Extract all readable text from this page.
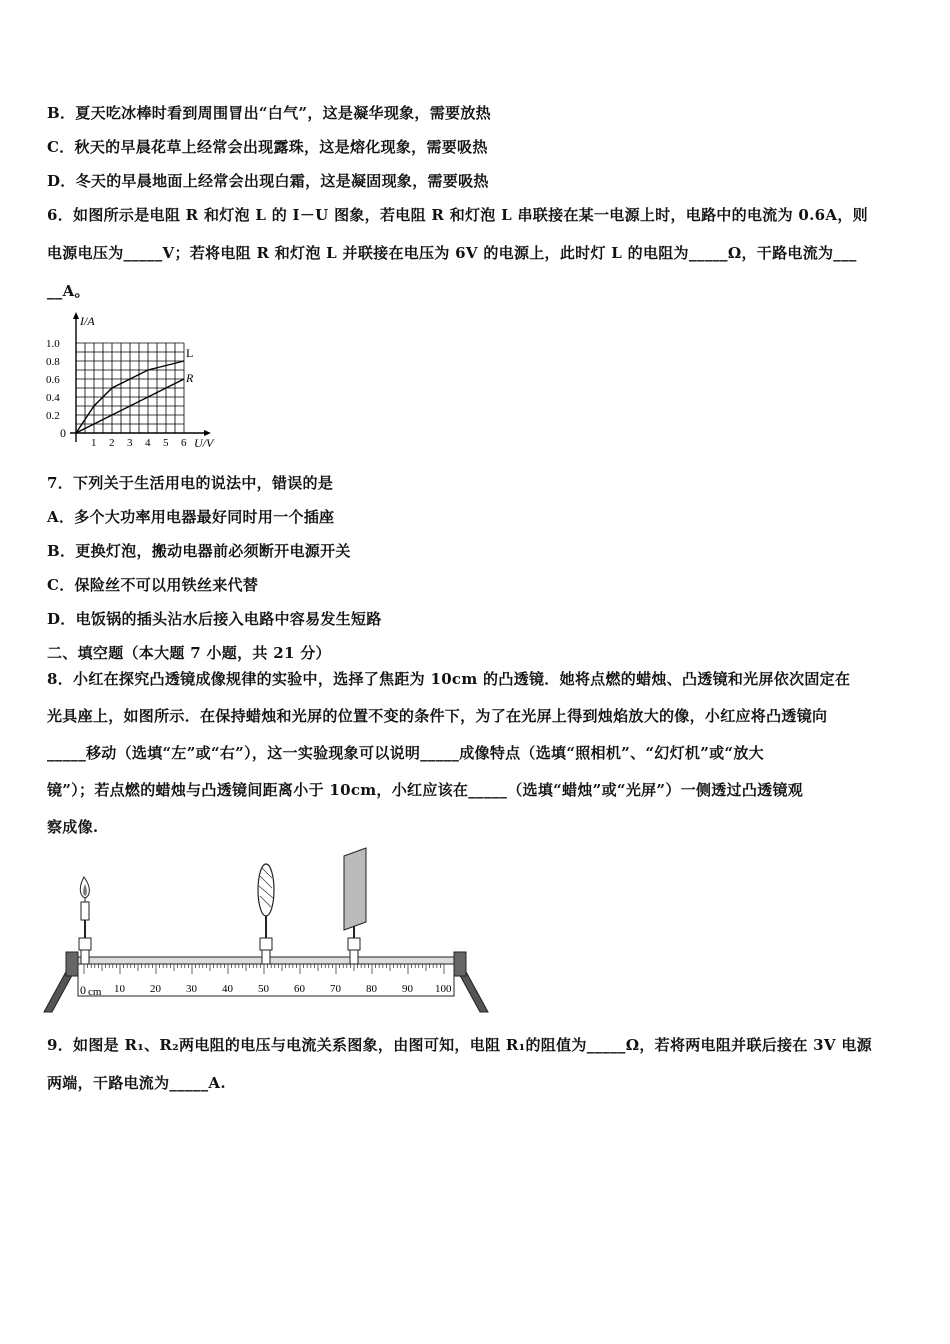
B．夏天吃冰棒时看到周围冒出“白气”，这是凝华现象，需要放热
C．秋天的早晨花草上经常会出现露珠，这是熔化现象，需要吸热
D．冬天的早晨地面上经常会出现白霜，这是凝固现象，需要吸热
6．如图所示是电阻 R 和灯泡 L 的 I－U 图象，若电阻 R 和灯泡 L 串联接在某一电源上时，电路中的电流为 0.6A，则
电源电压为_____V；若将电阻 R 和灯泡 L 并联接在电压为 6V 的电源上，此时灯 L 的电阻为_____Ω，干路电流为___
__A。
I/A
U/V
0
1.0
0.8
0.6
0.4
0.2
1 2 3 4 5 6
L
R
7．下列关于生活用电的说法中，错误的是
A．多个大功率用电器最好同时用一个插座
B．更换灯泡，搬动电器前必须断开电源开关
C．保险丝不可以用铁丝来代替
D．电饭锅的插头沾水后接入电路中容易发生短路
二、填空题（本大题 7 小题，共 21 分）
8．小红在探究凸透镜成像规律的实验中，选择了焦距为 10cm 的凸透镜．她将点燃的蜡烛、凸透镜和光屏依次固定在
光具座上，如图所示．在保持蜡烛和光屏的位置不变的条件下，为了在光屏上得到烛焰放大的像，小红应将凸透镜向
_____移动（选填“左”或“右”），这一实验现象可以说明_____成像特点（选填“照相机”、“幻灯机”或“放大
镜”）；若点燃的蜡烛与凸透镜间距离小于 10cm，小红应该在_____（选填“蜡烛”或“光屏”）一侧透过凸透镜观
察成像.
10 20 30 40 50 60 70 80 90 100
0 cm
9．如图是 R₁、R₂两电阻的电压与电流关系图象，由图可知，电阻 R₁的阻值为_____Ω，若将两电阻并联后接在 3V 电源
两端，干路电流为_____A.
